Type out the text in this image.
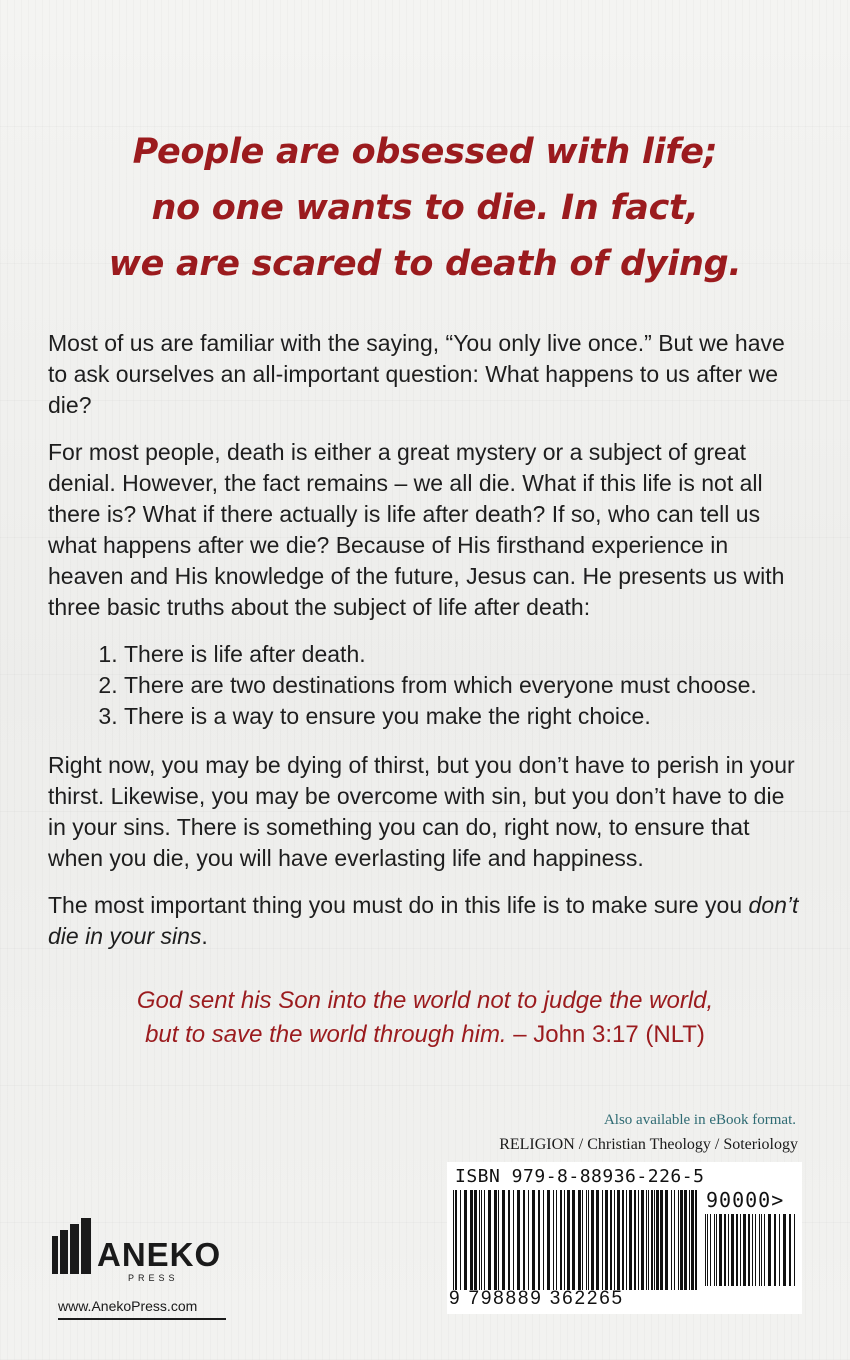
People are obsessed with life;
no one wants to die. In fact,
we are scared to death of dying.

Most of us are familiar with the saying, “You only live once.” But we have to ask ourselves an all-important question: What happens to us after we die?

For most people, death is either a great mystery or a subject of great denial. However, the fact remains – we all die. What if this life is not all there is? What if there actually is life after death? If so, who can tell us what happens after we die? Because of His firsthand experience in heaven and His knowledge of the future, Jesus can. He presents us with three basic truths about the subject of life after death:

1. There is life after death.
2. There are two destinations from which everyone must choose.
3. There is a way to ensure you make the right choice.

Right now, you may be dying of thirst, but you don’t have to perish in your thirst. Likewise, you may be overcome with sin, but you don’t have to die in your sins. There is something you can do, right now, to ensure that when you die, you will have everlasting life and happiness.

The most important thing you must do in this life is to make sure you don’t die in your sins.

God sent his Son into the world not to judge the world,
but to save the world through him. – John 3:17 (NLT)
Also available in eBook format.
RELIGION / Christian Theology / Soteriology
ISBN 979-8-88936-226-5
90000>
9 798889 362265
ANEKO
PRESS
www.AnekoPress.com
